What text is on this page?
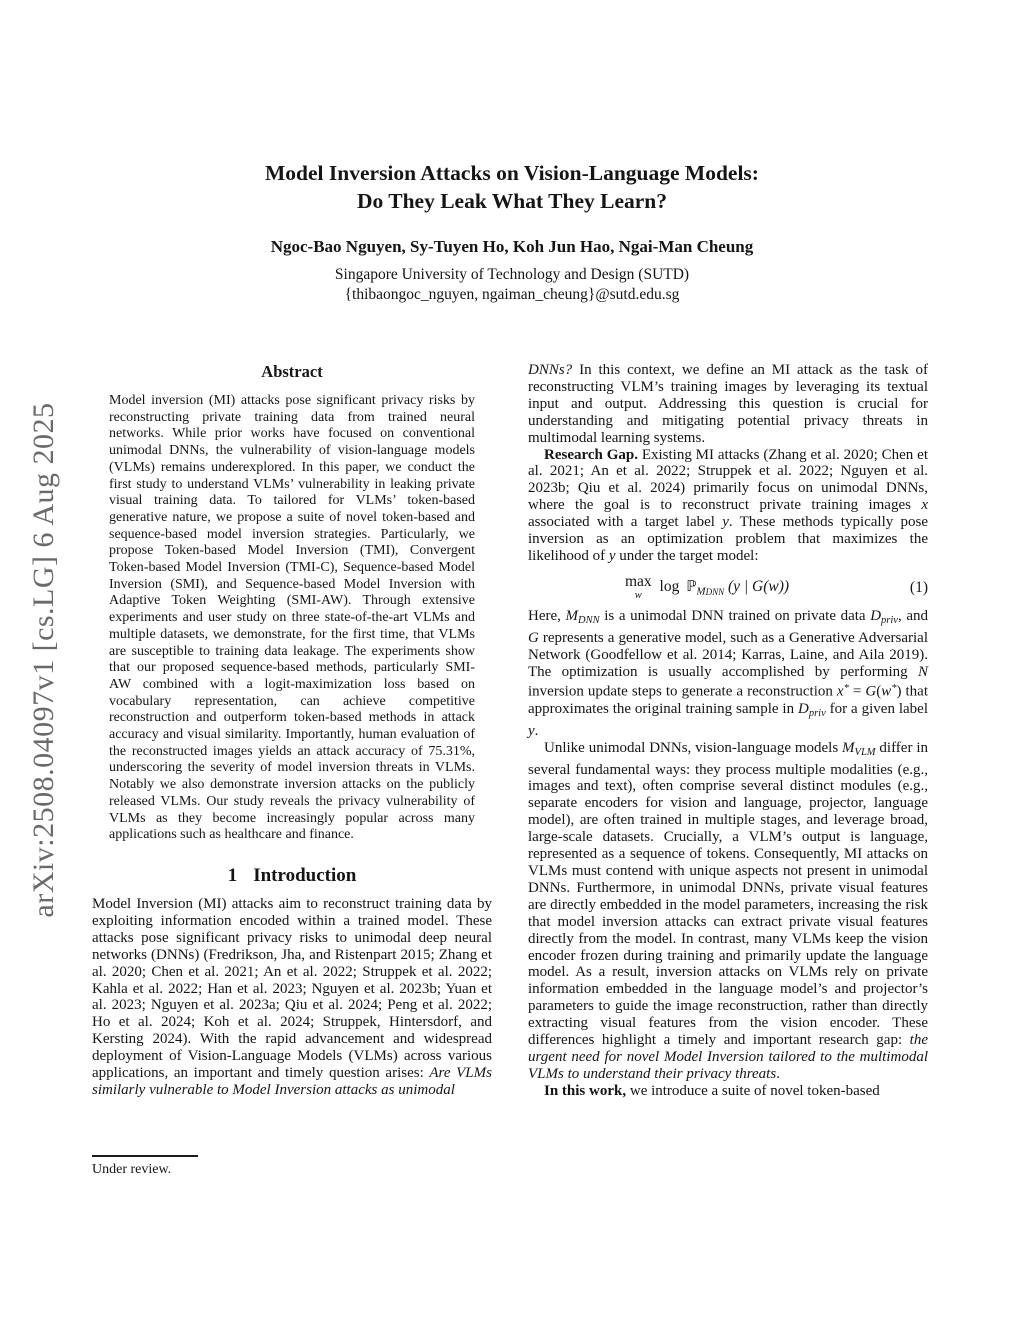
arXiv:2508.04097v1 [cs.LG] 6 Aug 2025
Model Inversion Attacks on Vision-Language Models:
Do They Leak What They Learn?
Ngoc-Bao Nguyen, Sy-Tuyen Ho, Koh Jun Hao, Ngai-Man Cheung
Singapore University of Technology and Design (SUTD)
{thibaongoc_nguyen, ngaiman_cheung}@sutd.edu.sg
Abstract

Model inversion (MI) attacks pose significant privacy risks by reconstructing private training data from trained neural networks. While prior works have focused on conventional unimodal DNNs, the vulnerability of vision-language models (VLMs) remains underexplored. In this paper, we conduct the first study to understand VLMs’ vulnerability in leaking private visual training data. To tailored for VLMs’ token-based generative nature, we propose a suite of novel token-based and sequence-based model inversion strategies. Particularly, we propose Token-based Model Inversion (TMI), Convergent Token-based Model Inversion (TMI-C), Sequence-based Model Inversion (SMI), and Sequence-based Model Inversion with Adaptive Token Weighting (SMI-AW). Through extensive experiments and user study on three state-of-the-art VLMs and multiple datasets, we demonstrate, for the first time, that VLMs are susceptible to training data leakage. The experiments show that our proposed sequence-based methods, particularly SMI-AW combined with a logit-maximization loss based on vocabulary representation, can achieve competitive reconstruction and outperform token-based methods in attack accuracy and visual similarity. Importantly, human evaluation of the reconstructed images yields an attack accuracy of 75.31%, underscoring the severity of model inversion threats in VLMs. Notably we also demonstrate inversion attacks on the publicly released VLMs. Our study reveals the privacy vulnerability of VLMs as they become increasingly popular across many applications such as healthcare and finance.

1 Introduction

Model Inversion (MI) attacks aim to reconstruct training data by exploiting information encoded within a trained model. These attacks pose significant privacy risks to unimodal deep neural networks (DNNs) (Fredrikson, Jha, and Ristenpart 2015; Zhang et al. 2020; Chen et al. 2021; An et al. 2022; Struppek et al. 2022; Kahla et al. 2022; Han et al. 2023; Nguyen et al. 2023b; Yuan et al. 2023; Nguyen et al. 2023a; Qiu et al. 2024; Peng et al. 2022; Ho et al. 2024; Koh et al. 2024; Struppek, Hintersdorf, and Kersting 2024). With the rapid advancement and widespread deployment of Vision-Language Models (VLMs) across various applications, an important and timely question arises: Are VLMs similarly vulnerable to Model Inversion attacks as unimodal

DNNs? In this context, we define an MI attack as the task of reconstructing VLM’s training images by leveraging its textual input and output. Addressing this question is crucial for understanding and mitigating potential privacy threats in multimodal learning systems.

Research Gap. Existing MI attacks (Zhang et al. 2020; Chen et al. 2021; An et al. 2022; Struppek et al. 2022; Nguyen et al. 2023b; Qiu et al. 2024) primarily focus on unimodal DNNs, where the goal is to reconstruct private training images x associated with a target label y. These methods typically pose inversion as an optimization problem that maximizes the likelihood of y under the target model:

max
w
log ℙ$_{MDNN}$ (y | G(w))	(1)

Here, $M_{DNN}$ is a unimodal DNN trained on private data $D_{priv}$, and G represents a generative model, such as a Generative Adversarial Network (Goodfellow et al. 2014; Karras, Laine, and Aila 2019). The optimization is usually accomplished by performing N inversion update steps to generate a reconstruction x* = G(w*) that approximates the original training sample in $D_{priv}$ for a given label y.

Unlike unimodal DNNs, vision-language models $M_{VLM}$ differ in several fundamental ways: they process multiple modalities (e.g., images and text), often comprise several distinct modules (e.g., separate encoders for vision and language, projector, language model), are often trained in multiple stages, and leverage broad, large-scale datasets. Crucially, a VLM’s output is language, represented as a sequence of tokens. Consequently, MI attacks on VLMs must contend with unique aspects not present in unimodal DNNs. Furthermore, in unimodal DNNs, private visual features are directly embedded in the model parameters, increasing the risk that model inversion attacks can extract private visual features directly from the model. In contrast, many VLMs keep the vision encoder frozen during training and primarily update the language model. As a result, inversion attacks on VLMs rely on private information embedded in the language model’s and projector’s parameters to guide the image reconstruction, rather than directly extracting visual features from the vision encoder. These differences highlight a timely and important research gap: the urgent need for novel Model Inversion tailored to the multimodal VLMs to understand their privacy threats.

In this work, we introduce a suite of novel token-based

Under review.
